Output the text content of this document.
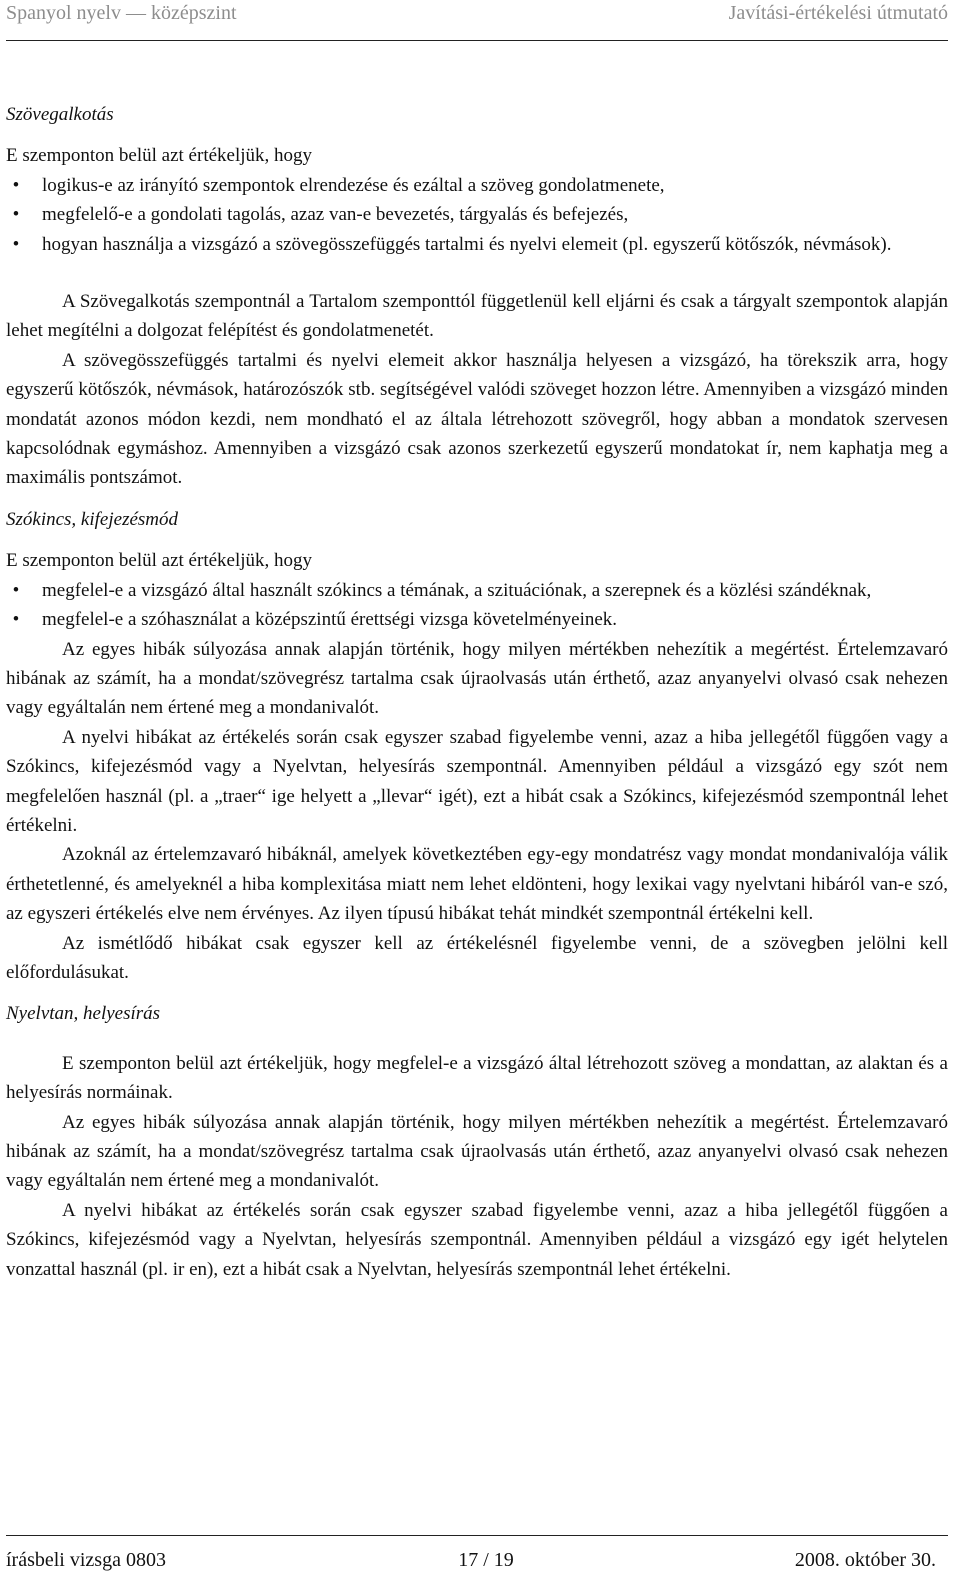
Spanyol nyelv — középszint	Javítási-értékelési útmutató

Szövegalkotás

E szemponton belül azt értékeljük, hogy

•	logikus-e az irányító szempontok elrendezése és ezáltal a szöveg gondolatmenete,
•	megfelelő-e a gondolati tagolás, azaz van-e bevezetés, tárgyalás és befejezés,
•	hogyan használja a vizsgázó a szövegösszefüggés tartalmi és nyelvi elemeit (pl. egyszerű kötőszók, névmások).

A Szövegalkotás szempontnál a Tartalom szemponttól függetlenül kell eljárni és csak a tárgyalt szempontok alapján lehet megítélni a dolgozat felépítést és gondolatmenetét.

A szövegösszefüggés tartalmi és nyelvi elemeit akkor használja helyesen a vizsgázó, ha törekszik arra, hogy egyszerű kötőszók, névmások, határozószók stb. segítségével valódi szöveget hozzon létre. Amennyiben a vizsgázó minden mondatát azonos módon kezdi, nem mondható el az általa létrehozott szövegről, hogy abban a mondatok szervesen kapcsolódnak egymáshoz. Amennyiben a vizsgázó csak azonos szerkezetű egyszerű mondatokat ír, nem kaphatja meg a maximális pontszámot.

Szókincs, kifejezésmód

E szemponton belül azt értékeljük, hogy

•	megfelel-e a vizsgázó által használt szókincs a témának, a szituációnak, a szerepnek és a közlési szándéknak,
•	megfelel-e a szóhasználat a középszintű érettségi vizsga követelményeinek.

Az egyes hibák súlyozása annak alapján történik, hogy milyen mértékben nehezítik a megértést. Értelemzavaró hibának az számít, ha a mondat/szövegrész tartalma csak újraolvasás után érthető, azaz anyanyelvi olvasó csak nehezen vagy egyáltalán nem értené meg a mondanivalót.

A nyelvi hibákat az értékelés során csak egyszer szabad figyelembe venni, azaz a hiba jellegétől függően vagy a Szókincs, kifejezésmód vagy a Nyelvtan, helyesírás szempontnál. Amennyiben például a vizsgázó egy szót nem megfelelően használ (pl. a „traer“ ige helyett a „llevar“ igét), ezt a hibát csak a Szókincs, kifejezésmód szempontnál lehet értékelni.

Azoknál az értelemzavaró hibáknál, amelyek következtében egy-egy mondatrész vagy mondat mondanivalója válik érthetetlenné, és amelyeknél a hiba komplexitása miatt nem lehet eldönteni, hogy lexikai vagy nyelvtani hibáról van-e szó, az egyszeri értékelés elve nem érvényes. Az ilyen típusú hibákat tehát mindkét szempontnál értékelni kell.

Az ismétlődő hibákat csak egyszer kell az értékelésnél figyelembe venni, de a szövegben jelölni kell előfordulásukat.

Nyelvtan, helyesírás

E szemponton belül azt értékeljük, hogy megfelel-e a vizsgázó által létrehozott szöveg a mondattan, az alaktan és a helyesírás normáinak.

Az egyes hibák súlyozása annak alapján történik, hogy milyen mértékben nehezítik a megértést. Értelemzavaró hibának az számít, ha a mondat/szövegrész tartalma csak újraolvasás után érthető, azaz anyanyelvi olvasó csak nehezen vagy egyáltalán nem értené meg a mondanivalót.

A nyelvi hibákat az értékelés során csak egyszer szabad figyelembe venni, azaz a hiba jellegétől függően a Szókincs, kifejezésmód vagy a Nyelvtan, helyesírás szempontnál. Amennyiben például a vizsgázó egy igét helytelen vonzattal használ (pl. ir en), ezt a hibát csak a Nyelvtan, helyesírás szempontnál lehet értékelni.

írásbeli vizsga 0803	17 / 19	2008. október 30.
